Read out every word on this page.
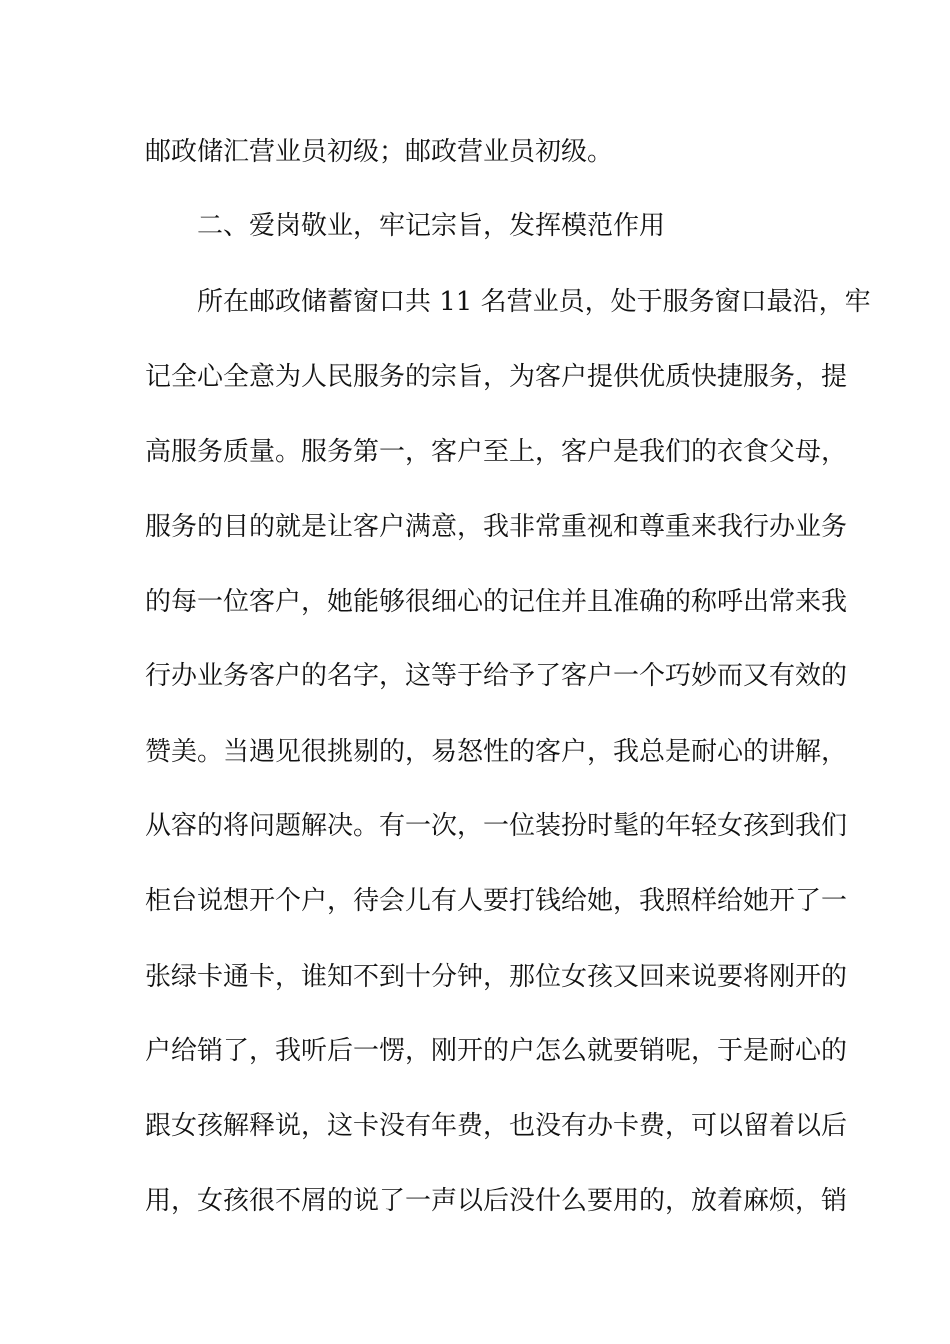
邮政储汇营业员初级；邮政营业员初级。
二、爱岗敬业，牢记宗旨，发挥模范作用
所在邮政储蓄窗口共 11 名营业员，处于服务窗口最沿，牢
记全心全意为人民服务的宗旨，为客户提供优质快捷服务，提
高服务质量。服务第一，客户至上，客户是我们的衣食父母，
服务的目的就是让客户满意，我非常重视和尊重来我行办业务
的每一位客户，她能够很细心的记住并且准确的称呼出常来我
行办业务客户的名字，这等于给予了客户一个巧妙而又有效的
赞美。当遇见很挑剔的，易怒性的客户，我总是耐心的讲解，
从容的将问题解决。有一次，一位装扮时髦的年轻女孩到我们
柜台说想开个户，待会儿有人要打钱给她，我照样给她开了一
张绿卡通卡，谁知不到十分钟，那位女孩又回来说要将刚开的
户给销了，我听后一愣，刚开的户怎么就要销呢，于是耐心的
跟女孩解释说，这卡没有年费，也没有办卡费，可以留着以后
用，女孩很不屑的说了一声以后没什么要用的，放着麻烦，销
